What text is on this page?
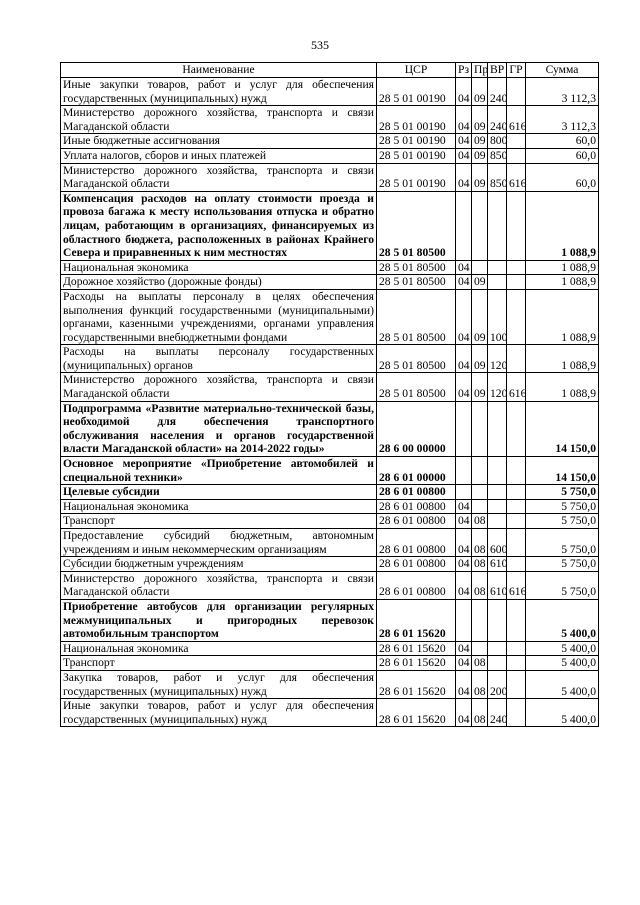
535
Наименование	ЦСР	Рз	Пр	ВР	ГР	Сумма
Иные закупки товаров, работ и услуг для обеспечения государственных (муниципальных) нужд	28 5 01 00190	04	09	240		3 112,3
Министерство дорожного хозяйства, транспорта и связи Магаданской области	28 5 01 00190	04	09	240	616	3 112,3
Иные бюджетные ассигнования	28 5 01 00190	04	09	800		60,0
Уплата налогов, сборов и иных платежей	28 5 01 00190	04	09	850		60,0
Министерство дорожного хозяйства, транспорта и связи Магаданской области	28 5 01 00190	04	09	850	616	60,0
Компенсация расходов на оплату стоимости проезда и провоза багажа к месту использования отпуска и обратно лицам, работающим в организациях, финансируемых из областного бюджета, расположенных в районах Крайнего Севера и приравненных к ним местностях	28 5 01 80500					1 088,9
Национальная экономика	28 5 01 80500	04				1 088,9
Дорожное хозяйство (дорожные фонды)	28 5 01 80500	04	09			1 088,9
Расходы на выплаты персоналу в целях обеспечения выполнения функций государственными (муниципальными) органами, казенными учреждениями, органами управления государственными внебюджетными фондами	28 5 01 80500	04	09	100		1 088,9
Расходы на выплаты персоналу государственных (муниципальных) органов	28 5 01 80500	04	09	120		1 088,9
Министерство дорожного хозяйства, транспорта и связи Магаданской области	28 5 01 80500	04	09	120	616	1 088,9
Подпрограмма «Развитие материально-технической базы, необходимой для обеспечения транспортного обслуживания населения и органов государственной власти Магаданской области» на 2014-2022 годы»	28 6 00 00000					14 150,0
Основное мероприятие «Приобретение автомобилей и специальной техники»	28 6 01 00000					14 150,0
Целевые субсидии	28 6 01 00800					5 750,0
Национальная экономика	28 6 01 00800	04				5 750,0
Транспорт	28 6 01 00800	04	08			5 750,0
Предоставление субсидий бюджетным, автономным учреждениям и иным некоммерческим организациям	28 6 01 00800	04	08	600		5 750,0
Субсидии бюджетным учреждениям	28 6 01 00800	04	08	610		5 750,0
Министерство дорожного хозяйства, транспорта и связи Магаданской области	28 6 01 00800	04	08	610	616	5 750,0
Приобретение автобусов для организации регулярных межмуниципальных и пригородных перевозок автомобильным транспортом	28 6 01 15620					5 400,0
Национальная экономика	28 6 01 15620	04				5 400,0
Транспорт	28 6 01 15620	04	08			5 400,0
Закупка товаров, работ и услуг для обеспечения государственных (муниципальных) нужд	28 6 01 15620	04	08	200		5 400,0
Иные закупки товаров, работ и услуг для обеспечения государственных (муниципальных) нужд	28 6 01 15620	04	08	240		5 400,0
